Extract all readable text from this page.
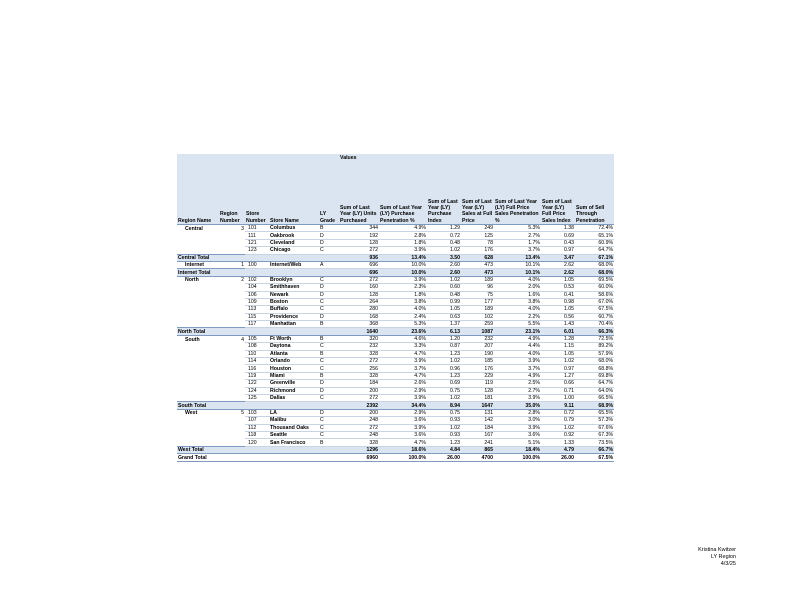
					Values						
Region Name	Region Number	Store Number	Store Name	LY Grade	Sum of Last Year (LY) Units Purchased	Sum of Last Year (LY) Purchase Penetration %	Sum of Last Year (LY) Purchase Index	Sum of Last Year (LY) Sales at Full Price	Sum of Last Year (LY) Full Price Sales Penetration %	Sum of Last Year (LY) Full Price Sales Index	Sum of Sell Through Penetration
Central	3	101	Columbus	B	344	4.9%	1.29	249	5.3%	1.38	72.4%
		111	Oakbrook	D	192	2.8%	0.72	125	2.7%	0.69	65.1%
		121	Cleveland	D	128	1.8%	0.48	78	1.7%	0.43	60.9%
		123	Chicago	C	272	3.9%	1.02	176	3.7%	0.97	64.7%
Central Total					936	13.4%	3.50	628	13.4%	3.47	67.1%
Internet	1	100	Internet/Web	A	696	10.0%	2.60	473	10.1%	2.62	68.0%
Internet Total					696	10.0%	2.60	473	10.1%	2.62	68.0%
North	2	102	Brooklyn	C	272	3.9%	1.02	189	4.0%	1.05	69.5%
		104	Smithhaven	D	160	2.3%	0.60	96	2.0%	0.53	60.0%
		106	Newark	D	128	1.8%	0.48	75	1.6%	0.41	58.6%
		109	Boston	C	264	3.8%	0.99	177	3.8%	0.98	67.0%
		113	Buffalo	C	280	4.0%	1.05	189	4.0%	1.05	67.5%
		115	Providence	D	168	2.4%	0.63	102	2.2%	0.56	60.7%
		117	Manhattan	B	368	5.3%	1.37	259	5.5%	1.43	70.4%
North Total					1640	23.6%	6.13	1087	23.1%	6.01	66.3%
South	4	105	Ft Worth	B	320	4.6%	1.20	232	4.9%	1.28	72.5%
		108	Daytona	C	232	3.3%	0.87	207	4.4%	1.15	89.2%
		110	Atlanta	B	328	4.7%	1.23	190	4.0%	1.05	57.9%
		114	Orlando	C	272	3.9%	1.02	185	3.9%	1.02	68.0%
		116	Houston	C	256	3.7%	0.96	176	3.7%	0.97	68.8%
		119	Miami	B	328	4.7%	1.23	229	4.9%	1.27	69.8%
		122	Greenville	D	184	2.6%	0.69	119	2.5%	0.66	64.7%
		124	Richmond	D	200	2.9%	0.75	128	2.7%	0.71	64.0%
		125	Dallas	C	272	3.9%	1.02	181	3.9%	1.00	66.5%
South Total					2392	34.4%	8.94	1647	35.0%	9.11	68.9%
West	5	103	LA	D	200	2.9%	0.75	131	2.8%	0.72	65.5%
		107	Malibu	C	248	3.6%	0.93	142	3.0%	0.79	57.3%
		112	Thousand Oaks	C	272	3.9%	1.02	184	3.9%	1.02	67.6%
		118	Seattle	C	248	3.6%	0.93	167	3.6%	0.92	67.3%
		120	San Francisco	B	328	4.7%	1.23	241	5.1%	1.33	73.5%
West Total					1296	18.6%	4.84	865	18.4%	4.79	66.7%
Grand Total					6960	100.0%	26.00	4700	100.0%	26.00	67.5%
Kristina Kwitzer
LY Region
4/3/25
